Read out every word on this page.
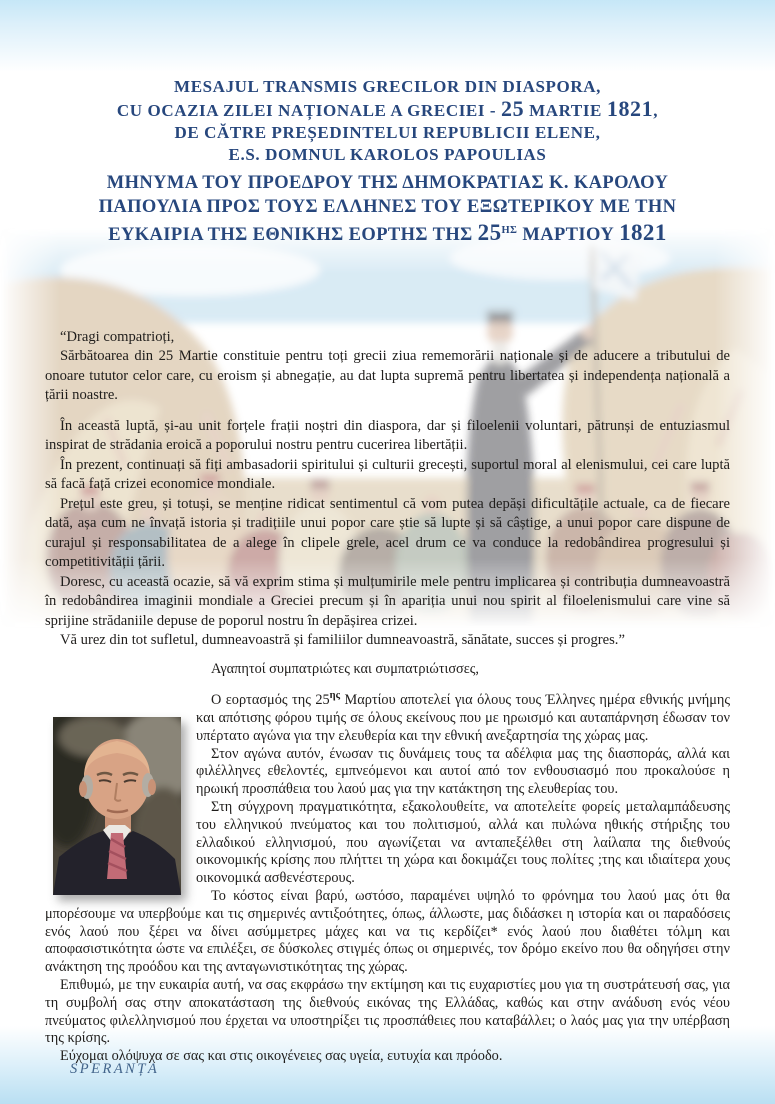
MESAJUL TRANSMIS GRECILOR DIN DIASPORA,
CU OCAZIA ZILEI NAȚIONALE A GRECIEI - 25 MARTIE 1821,
DE CĂTRE PREȘEDINTELUI REPUBLICII ELENE,
E.S. DOMNUL KAROLOS PAPOULIAS
ΜΗΝΥΜΑ ΤΟΥ ΠΡΟΕΔΡΟΥ ΤΗΣ ΔΗΜΟΚΡΑΤΙΑΣ Κ. ΚΑΡΟΛΟΥ
ΠΑΠΟΥΛΙΑ ΠΡΟΣ ΤΟΥΣ ΕΛΛΗΝΕΣ ΤΟΥ ΕΞΩΤΕΡΙΚΟΥ ΜΕ ΤΗΝ
ΕΥΚΑΙΡΙΑ ΤΗΣ ΕΘΝΙΚΗΣ ΕΟΡΤΗΣ ΤΗΣ $25^{H\Sigma}$ ΜΑΡΤΙΟΥ 1821

“Dragi compatrioți,

Sărbătoarea din 25 Martie constituie pentru toți grecii ziua rememorării naționale și de aducere a tributului de onoare tututor celor care, cu eroism și abnegație, au dat lupta supremă pentru libertatea și independența națională a țării noastre.

În această luptă, și-au unit forțele frații noștri din diaspora, dar și filoelenii voluntari, pătrunși de entuziasmul inspirat de strădania eroică a poporului nostru pentru cucerirea libertății.

În prezent, continuați să fiți ambasadorii spiritului și culturii grecești, suportul moral al elenismului, cei care luptă să facă față crizei economice mondiale.

Prețul este greu, și totuși, se menține ridicat sentimentul că vom putea depăși dificultățile actuale, ca de fiecare dată, așa cum ne învață istoria și tradițiile unui popor care știe să lupte și să câștige, a unui popor care dispune de curajul și responsabilitatea de a alege în clipele grele, acel drum ce va conduce la redobândirea progresului și competitivității țării.

Doresc, cu această ocazie, să vă exprim stima și mulțumirile mele pentru implicarea și contribuția dumneavoastră în redobândirea imaginii mondiale a Greciei precum și în apariția unui nou spirit al filoelenismului care vine să sprijine strădaniile depuse de poporul nostru în depășirea crizei.

Vă urez din tot sufletul, dumneavoastră și familiilor dumneavoastră, sănătate, succes și progres.”

Αγαπητοί συμπατριώτες και συμπατριώτισσες,

Ο εορτασμός της $25^{\eta\varsigma}$ Μαρτίου αποτελεί για όλους τους Έλληνες ημέρα εθνικής μνήμης και απότισης φόρου τιμής σε όλους εκείνους που με ηρωισμό και αυταπάρνηση έδωσαν τον υπέρτατο αγώνα για την ελευθερία και την εθνική ανεξαρτησία της χώρας μας.

Στον αγώνα αυτόν, ένωσαν τις δυνάμεις τους τα αδέλφια μας της διασποράς, αλλά και φιλέλληνες εθελοντές, εμπνεόμενοι και αυτοί από τον ενθουσιασμό που προκαλούσε η ηρωική προσπάθεια του λαού μας για την κατάκτηση της ελευθερίας του.

Στη σύγχρονη πραγματικότητα, εξακολουθείτε, να αποτελείτε φορείς μεταλαμπάδευσης του ελληνικού πνεύματος και του πολιτισμού, αλλά και πυλώνα ηθικής στήριξης του ελλαδικού ελληνισμού, που αγωνίζεται να ανταπεξέλθει στη λαίλαπα της διεθνούς οικονομικής κρίσης που πλήττει τη χώρα και δοκιμάζει τους πολίτες ;της και ιδιαίτερα χους οικονομικά ασθενέστερους.

Το κόστος είναι βαρύ, ωστόσο, παραμένει υψηλό το φρόνημα του λαού μας ότι θα μπορέσουμε να υπερβούμε και τις σημερινές αντιξοότητες, όπως, άλλωστε, μας διδάσκει η ιστορία και οι παραδόσεις ενός λαού που ξέρει να δίνει ασύμμετρες μάχες και να τις κερδίζει* ενός λαού που διαθέτει τόλμη και αποφασιστικότητα ώστε να επιλέξει, σε δύσκολες στιγμές όπως οι σημερινές, τον δρόμο εκείνο που θα οδηγήσει στην ανάκτηση της προόδου και της ανταγωνιστικότητας της χώρας.

Επιθυμώ, με την ευκαιρία αυτή, να σας εκφράσω την εκτίμηση και τις ευχαριστίες μου για τη συστράτευσή σας, για τη συμβολή σας στην αποκατάσταση της διεθνούς εικόνας της Ελλάδας, καθώς και στην ανάδυση ενός νέου πνεύματος φιλελληνισμού που έρχεται να υποστηρίξει τις προσπάθειες που καταβάλλει; ο λαός μας για την υπέρβαση της κρίσης.

Εύχομαι ολόψυχα σε σας και στις οικογένειες σας υγεία, ευτυχία και πρόοδο.

SPERANȚA
